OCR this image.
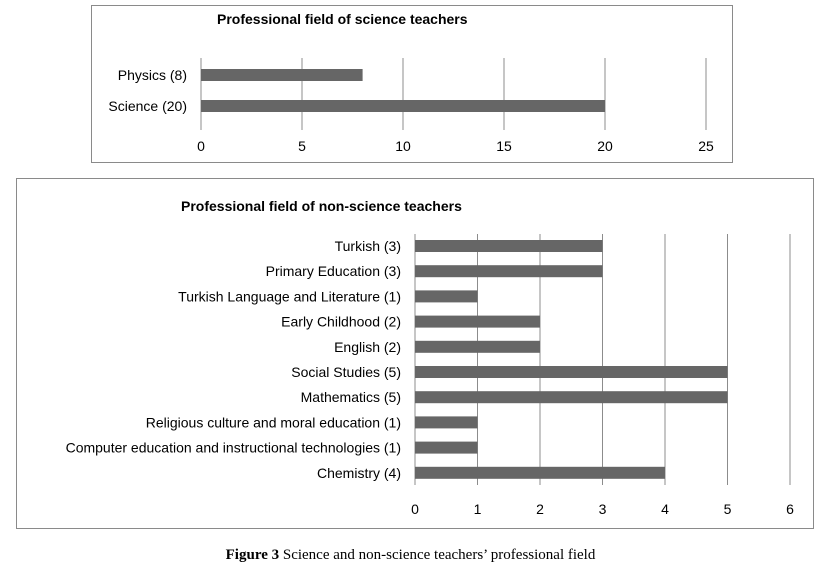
Professional field of science teachers
Physics (8)
Science (20)
0	5	10	15	20	25
Professional field of non-science teachers
Turkish (3)
Primary Education (3)
Turkish Language and Literature (1)
Early Childhood (2)
English (2)
Social Studies (5)
Mathematics (5)
Religious culture and moral education (1)
Computer education and instructional technologies (1)
Chemistry (4)
0	1	2	3	4	5	6
Figure 3 Science and non-science teachers’ professional field
